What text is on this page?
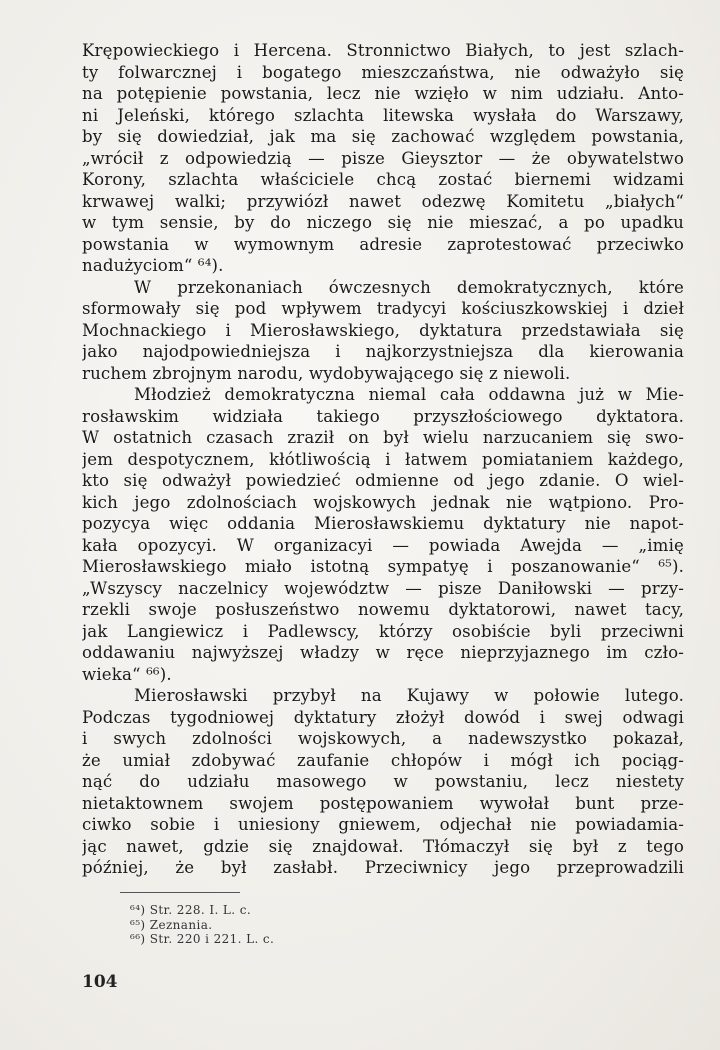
Krępowieckiego i Hercena. Stronnictwo Białych, to jest szlach-
ty folwarcznej i bogatego mieszczaństwa, nie odważyło się
na potępienie powstania, lecz nie wzięło w nim udziału. Anto-
ni Jeleński, którego szlachta litewska wysłała do Warszawy,
by się dowiedział, jak ma się zachować względem powstania,
„wrócił z odpowiedzią — pisze Gieysztor — że obywatelstwo
Korony, szlachta właściciele chcą zostać biernemi widzami
krwawej walki; przywiózł nawet odezwę Komitetu „białych“
w tym sensie, by do niczego się nie mieszać, a po upadku
powstania w wymownym adresie zaprotestować przeciwko
nadużyciom“ ⁶⁴).
W przekonaniach ówczesnych demokratycznych, które
sformowały się pod wpływem tradycyi kościuszkowskiej i dzieł
Mochnackiego i Mierosławskiego, dyktatura przedstawiała się
jako najodpowiedniejsza i najkorzystniejsza dla kierowania
ruchem zbrojnym narodu, wydobywającego się z niewoli.
Młodzież demokratyczna niemal cała oddawna już w Mie-
rosławskim widziała takiego przyszłościowego dyktatora.
W ostatnich czasach zraził on był wielu narzucaniem się swo-
jem despotycznem, kłótliwością i łatwem pomiataniem każdego,
kto się odważył powiedzieć odmienne od jego zdanie. O wiel-
kich jego zdolnościach wojskowych jednak nie wątpiono. Pro-
pozycya więc oddania Mierosławskiemu dyktatury nie napot-
kała opozycyi. W organizacyi — powiada Awejda — „imię
Mierosławskiego miało istotną sympatyę i poszanowanie“ ⁶⁵).
„Wszyscy naczelnicy województw — pisze Daniłowski — przy-
rzekli swoje posłuszeństwo nowemu dyktatorowi, nawet tacy,
jak Langiewicz i Padlewscy, którzy osobiście byli przeciwni
oddawaniu najwyższej władzy w ręce nieprzyjaznego im czło-
wieka“ ⁶⁶).
Mierosławski przybył na Kujawy w połowie lutego.
Podczas tygodniowej dyktatury złożył dowód i swej odwagi
i swych zdolności wojskowych, a nadewszystko pokazał,
że umiał zdobywać zaufanie chłopów i mógł ich pociąg-
nąć do udziału masowego w powstaniu, lecz niestety
nietaktownem swojem postępowaniem wywołał bunt prze-
ciwko sobie i uniesiony gniewem, odjechał nie powiadamia-
jąc nawet, gdzie się znajdował. Tłómaczył się był z tego
później, że był zasłabł. Przeciwnicy jego przeprowadzili
⁶⁴) Str. 228. I. L. c.
⁶⁵) Zeznania.
⁶⁶) Str. 220 i 221. L. c.
104
